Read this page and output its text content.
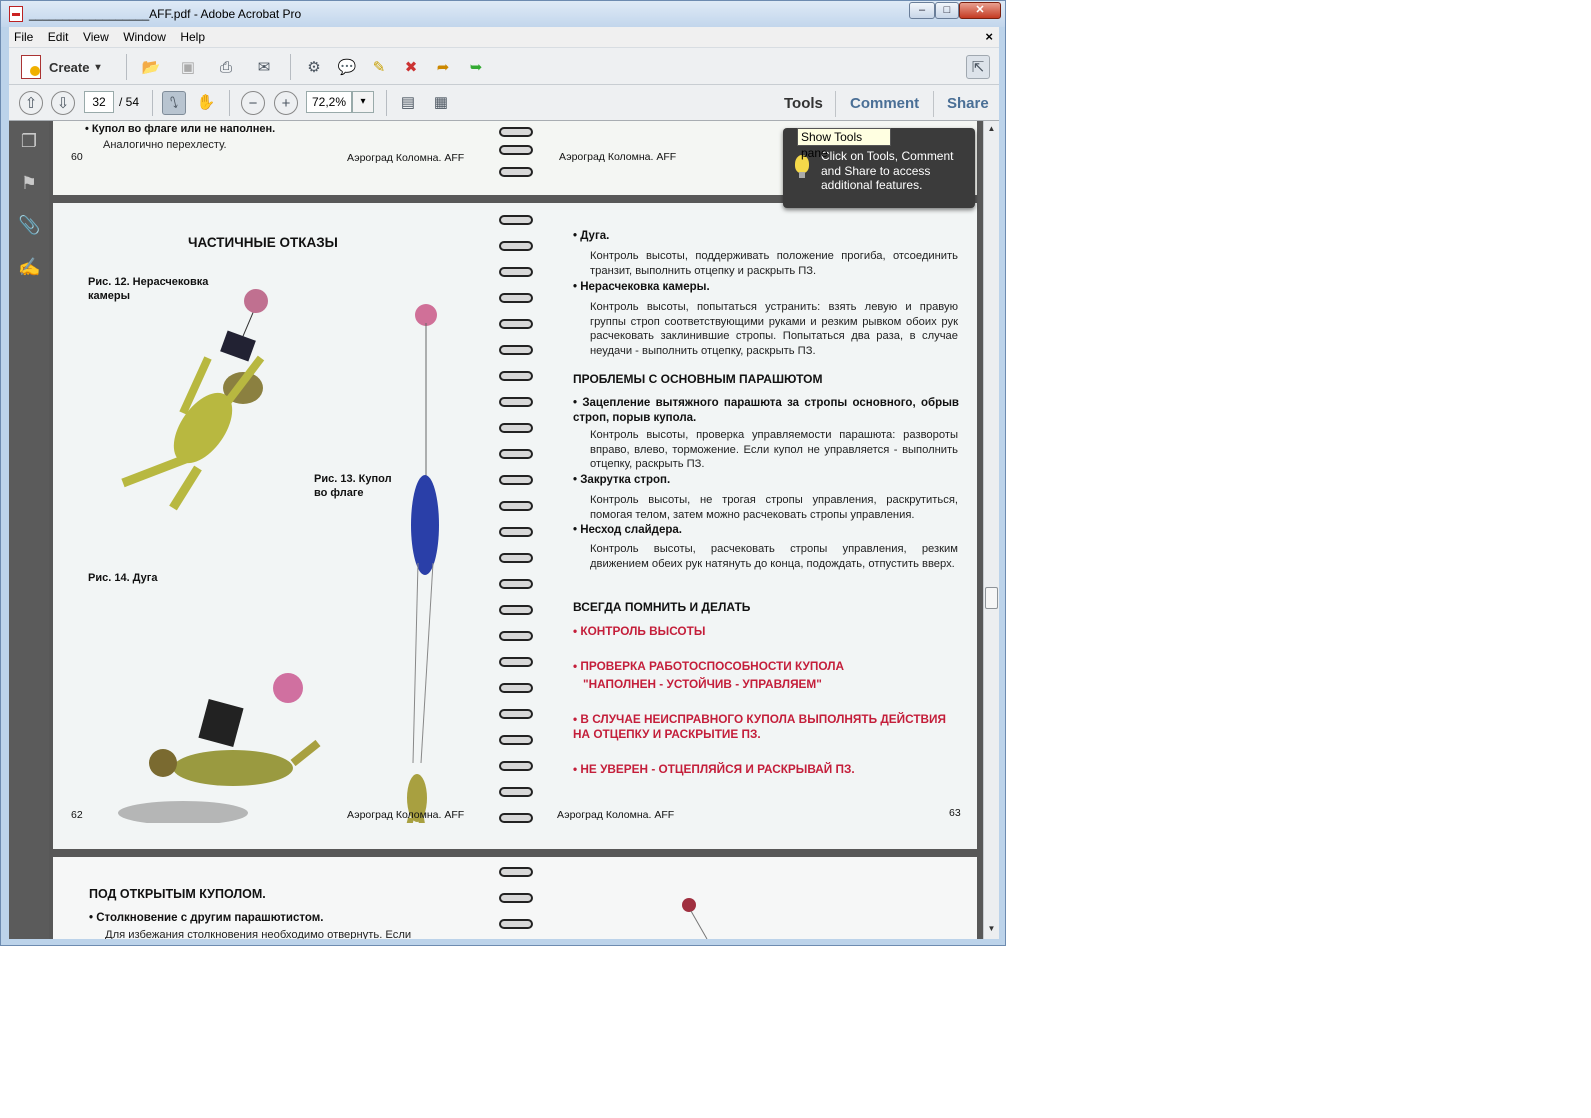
__________________AFF.pdf - Adobe Acrobat Pro	–	□	✕
File Edit View Window Help	×
Create ▾	📂 ▣	⎙	✉	⚙ 💬	✎	✖	➦	➥	⇱
⇧	⇩	32	/ 54	⭛	✋	−	+	72,2%	▾	▤ ▦	Tools Comment Share
❐
⚑
📎
✍
• Купол во флаге или не наполнен.
Аналогично перехлесту.
60	Аэроград Коломна. AFF	Аэроград Коломна. AFF
ЧАСТИЧНЫЕ ОТКАЗЫ
Рис. 12. Нерасчековка камеры
Рис. 13. Купол во флаге
Рис. 14. Дуга
62	Аэроград Коломна. AFF
• Дуга.
Контроль высоты, поддерживать положение прогиба, отсоединить транзит, выполнить отцепку и раскрыть ПЗ.
• Нерасчековка камеры.
Контроль высоты, попытаться устранить: взять левую и правую группы строп соответствующими руками и резким рывком обоих рук расчековать заклинившие стропы. Попытаться два раза, в случае неудачи - выполнить отцепку, раскрыть ПЗ.
ПРОБЛЕМЫ С ОСНОВНЫМ ПАРАШЮТОМ
• Зацепление вытяжного парашюта за стропы основного, обрыв строп, порыв купола.
Контроль высоты, проверка управляемости парашюта: развороты вправо, влево, торможение. Если купол не управляется - выполнить отцепку, раскрыть ПЗ.
• Закрутка строп.
Контроль высоты, не трогая стропы управления, раскрутиться, помогая телом, затем можно расчековать стропы управления.
• Несход слайдера.
Контроль высоты, расчековать стропы управления, резким движением обеих рук натянуть до конца, подождать, отпустить вверх.
ВСЕГДА ПОМНИТЬ И ДЕЛАТЬ
• КОНТРОЛЬ ВЫСОТЫ
• ПРОВЕРКА РАБОТОСПОСОБНОСТИ КУПОЛА
"НАПОЛНЕН - УСТОЙЧИВ - УПРАВЛЯЕМ"
• В СЛУЧАЕ НЕИСПРАВНОГО КУПОЛА ВЫПОЛНЯТЬ ДЕЙСТВИЯ НА ОТЦЕПКУ И РАСКРЫТИЕ ПЗ.
• НЕ УВЕРЕН - ОТЦЕПЛЯЙСЯ И РАСКРЫВАЙ ПЗ.
Аэроград Коломна. AFF	63
ПОД ОТКРЫТЫМ КУПОЛОМ.
• Столкновение с другим парашютистом.
Для избежания столкновения необходимо отвернуть. Если
▲
▼
Click on Tools, Comment and Share to access additional features.
Show Tools pane
